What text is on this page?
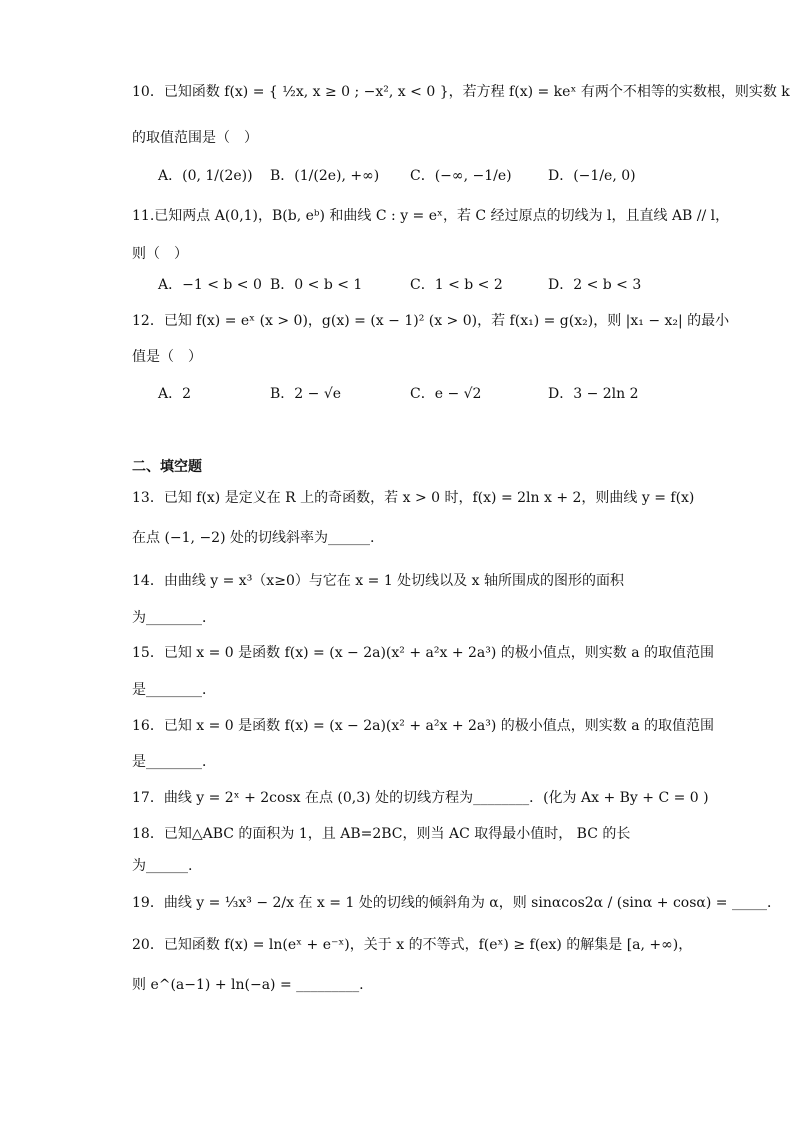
10．已知函数 f(x) = { ½x, x ≥ 0 ; −x², x < 0 }，若方程 f(x) = keˣ 有两个不相等的实数根，则实数 k
的取值范围是（　）
A．(0, 1/(2e)) B．(1/(2e), +∞) C．(−∞, −1/e)	D．(−1/e, 0)
11.已知两点 A(0,1)，B(b, eᵇ) 和曲线 C : y = eˣ，若 C 经过原点的切线为 l，且直线 AB // l，
则（　）
A．−1 < b < 0 B．0 < b < 1	C．1 < b < 2	D．2 < b < 3
12．已知 f(x) = eˣ (x > 0)，g(x) = (x − 1)² (x > 0)，若 f(x₁) = g(x₂)，则 |x₁ − x₂| 的最小
值是（　）
A．2	B．2 − √e	C．e − √2	D．3 − 2ln 2
二、填空题
13．已知 f(x) 是定义在 R 上的奇函数，若 x > 0 时，f(x) = 2ln x + 2，则曲线 y = f(x)
在点 (−1, −2) 处的切线斜率为______.
14．由曲线 y = x³（x≥0）与它在 x = 1 处切线以及 x 轴所围成的图形的面积
为________．
15．已知 x = 0 是函数 f(x) = (x − 2a)(x² + a²x + 2a³) 的极小值点，则实数 a 的取值范围
是________．
16．已知 x = 0 是函数 f(x) = (x − 2a)(x² + a²x + 2a³) 的极小值点，则实数 a 的取值范围
是________．
17．曲线 y = 2ˣ + 2cosx 在点 (0,3) 处的切线方程为________．(化为 Ax + By + C = 0 )
18．已知△ABC 的面积为 1，且 AB=2BC，则当 AC 取得最小值时， BC 的长
为______.
19．曲线 y = ⅓x³ − 2/x 在 x = 1 处的切线的倾斜角为 α，则 sinαcos2α / (sinα + cosα) = _____．
20．已知函数 f(x) = ln(eˣ + e⁻ˣ)，关于 x 的不等式，f(eˣ) ≥ f(ex) 的解集是 [a, +∞)，
则 e^(a−1) + ln(−a) = _________.
